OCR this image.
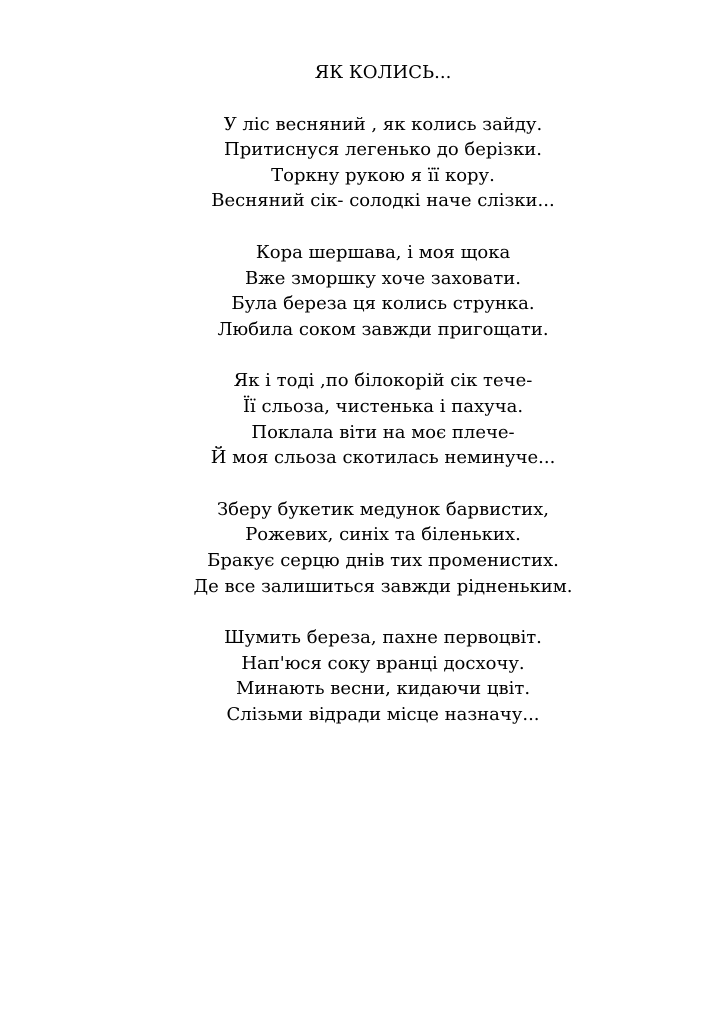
ЯК КОЛИСЬ...
У ліс весняний , як колись зайду.
Притиснуся легенько до берізки.
Торкну рукою я її кору.
Весняний сік- солодкі наче слізки...
Кора шершава, і моя щока
Вже зморшку хоче заховати.
Була береза ця колись струнка.
Любила соком завжди пригощати.
Як і тоді ,по білокорій сік тече-
Її сльоза, чистенька і пахуча.
Поклала віти на моє плече-
Й моя сльоза скотилась неминуче...
Зберу букетик медунок барвистих,
Рожевих, синіх та біленьких.
Бракує серцю днів тих променистих.
Де все залишиться завжди рідненьким.
Шумить береза, пахне первоцвіт.
Нап'юся соку вранці досхочу.
Минають весни, кидаючи цвіт.
Слізьми відради місце назначу...
